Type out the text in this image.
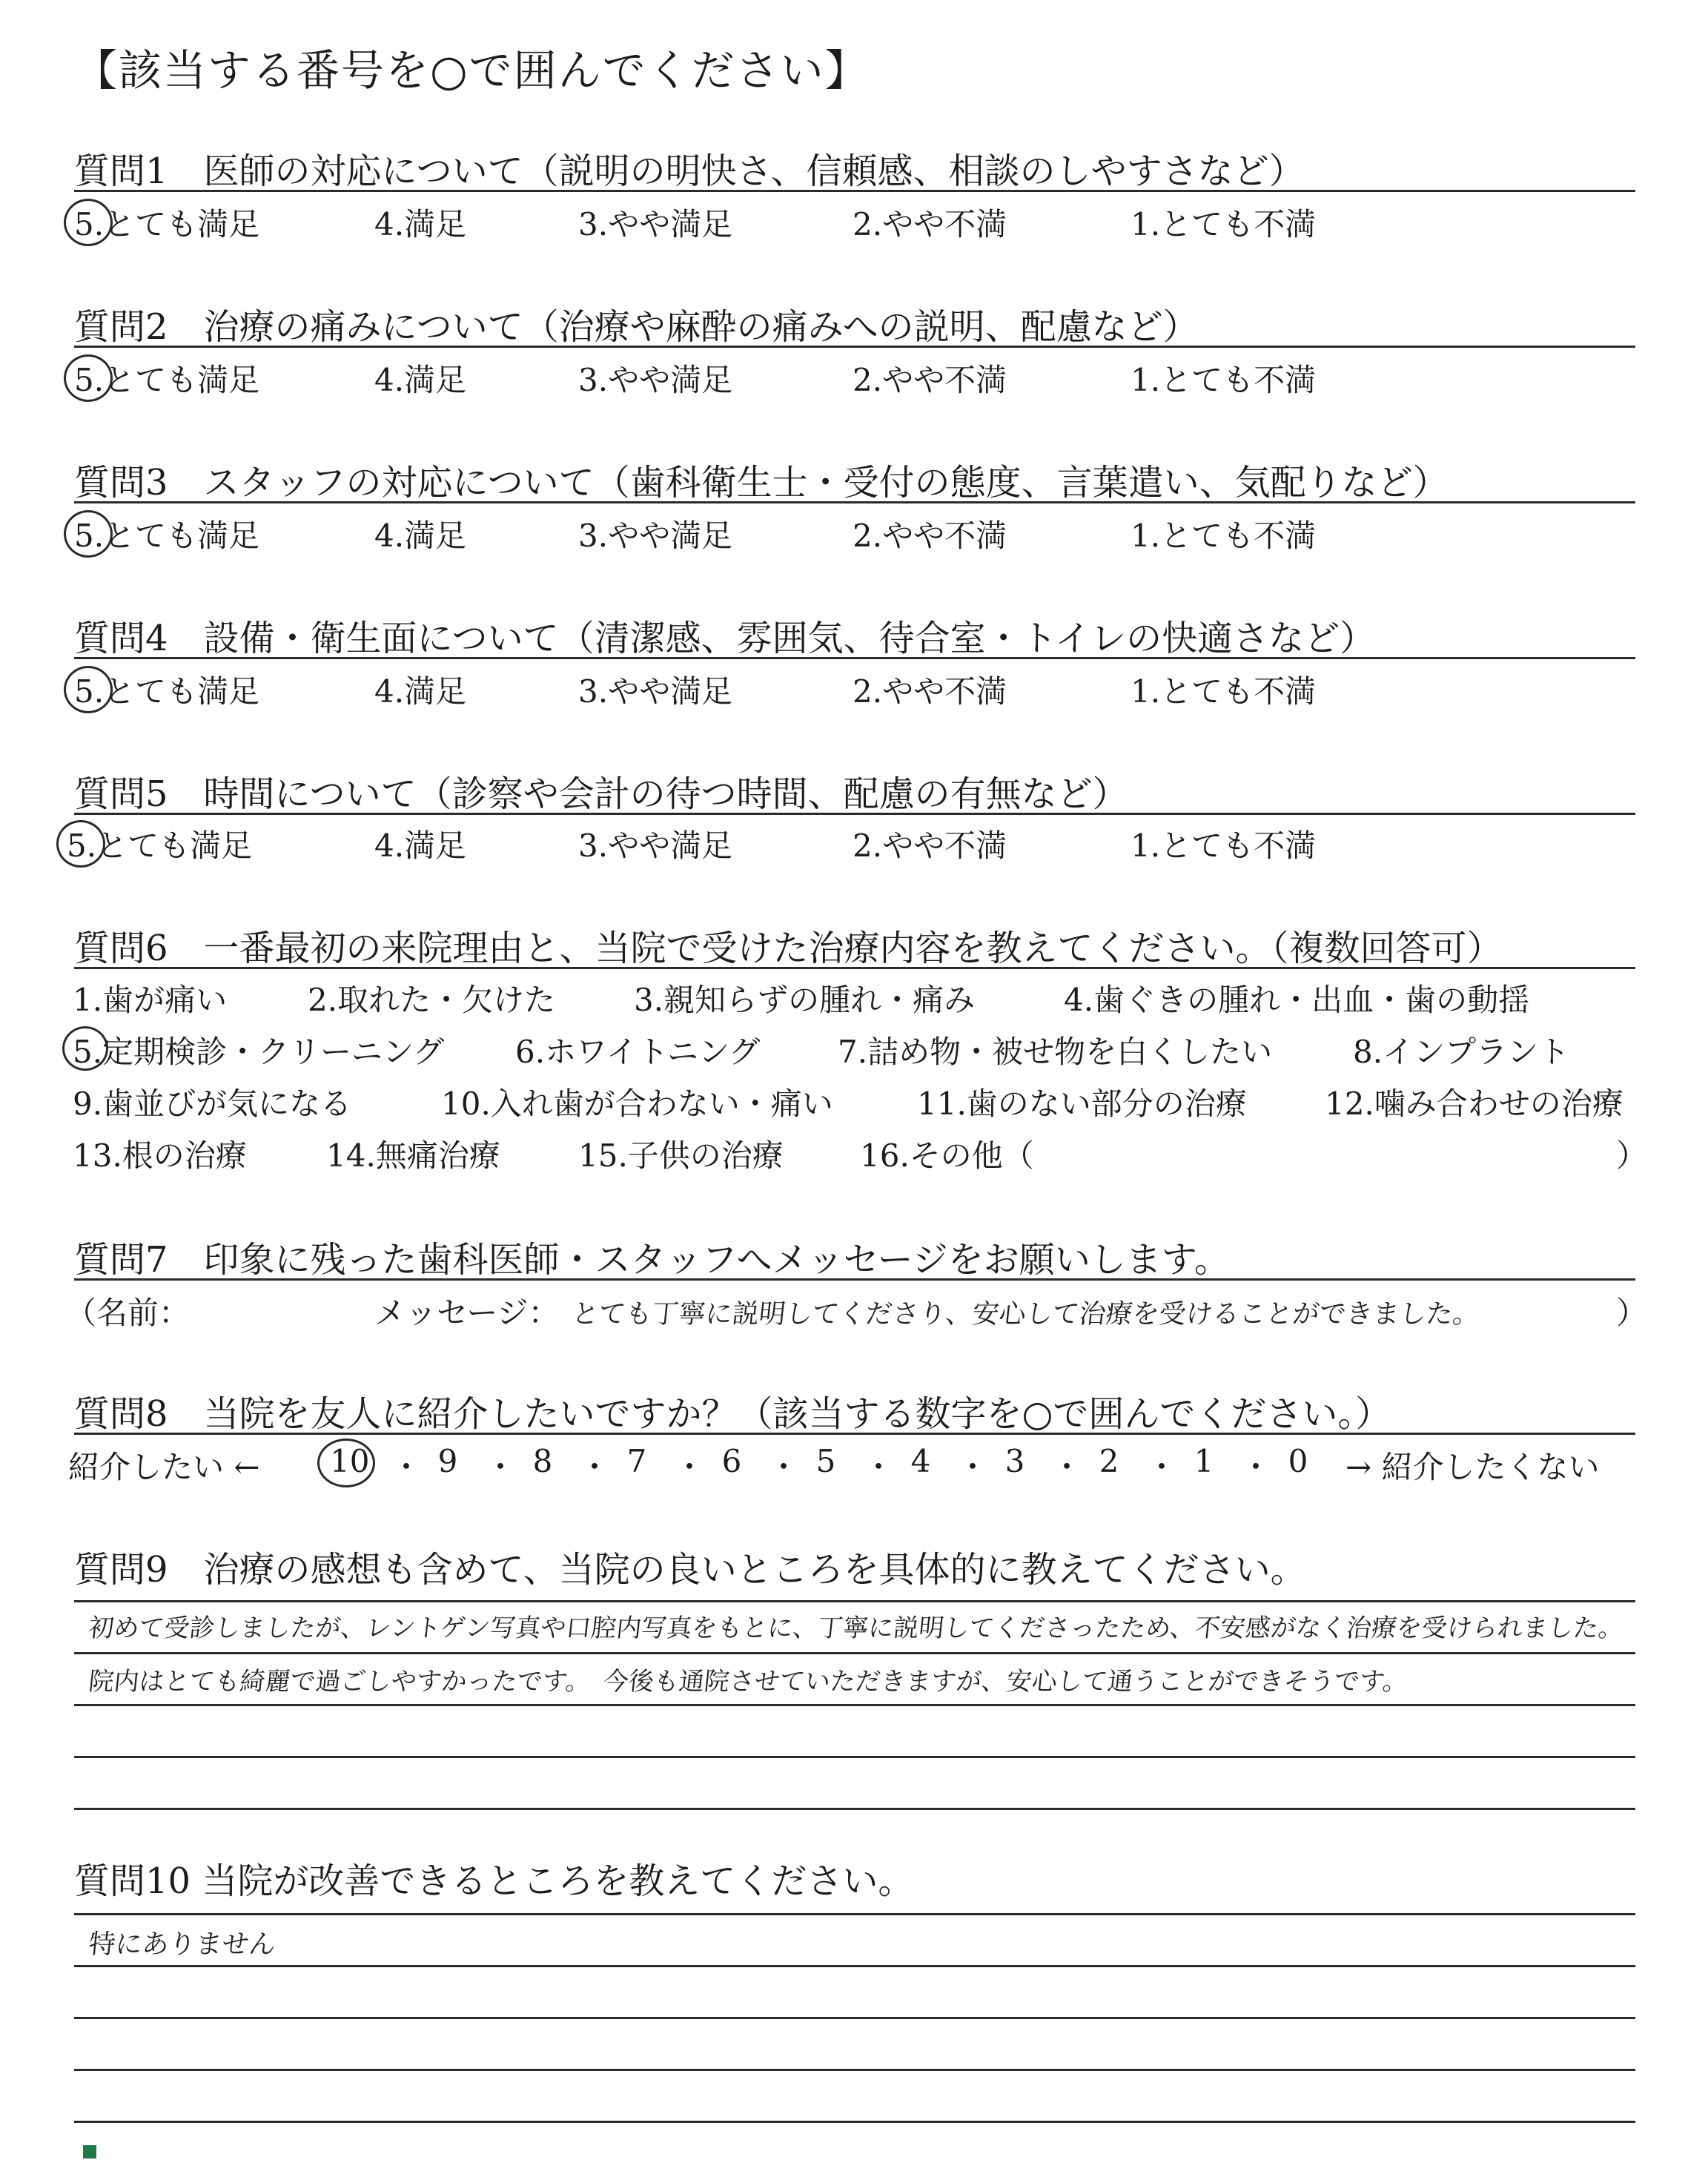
【該当する番号を○で囲んでください】
質問1　医師の対応について（説明の明快さ、信頼感、相談のしやすさなど）
5.とても満足	4.満足	3.やや満足	2.やや不満	1.とても不満
質問2　治療の痛みについて（治療や麻酔の痛みへの説明、配慮など）
5.とても満足	4.満足	3.やや満足	2.やや不満	1.とても不満
質問3　スタッフの対応について（歯科衛生士・受付の態度、言葉遣い、気配りなど）
5.とても満足	4.満足	3.やや満足	2.やや不満	1.とても不満
質問4　設備・衛生面について（清潔感、雰囲気、待合室・トイレの快適さなど）
5.とても満足	4.満足	3.やや満足	2.やや不満	1.とても不満
質問5　時間について（診察や会計の待つ時間、配慮の有無など）
5.とても満足	4.満足	3.やや満足	2.やや不満	1.とても不満
質問6　一番最初の来院理由と、当院で受けた治療内容を教えてください。（複数回答可）
1.歯が痛い	2.取れた・欠けた	3.親知らずの腫れ・痛み	4.歯ぐきの腫れ・出血・歯の動揺
5.定期検診・クリーニング 6.ホワイトニング 7.詰め物・被せ物を白くしたい	8.インプラント
9.歯並びが気になる	10.入れ歯が合わない・痛い	11.歯のない部分の治療	12.噛み合わせの治療
13.根の治療	14.無痛治療	15.子供の治療 16.その他（	）
質問7　印象に残った歯科医師・スタッフへメッセージをお願いします。
（名前：	メッセージ： とても丁寧に説明してくださり、安心して治療を受けることができました。	）
質問8　当院を友人に紹介したいですか？（該当する数字を○で囲んでください。）
紹介したい ← 10 ・ 9 ・ 8 ・ 7 ・ 6 ・ 5 ・ 4 ・ 3 ・ 2 ・ 1 ・ 0 → 紹介したくない
質問9　治療の感想も含めて、当院の良いところを具体的に教えてください。
初めて受診しましたが、レントゲン写真や口腔内写真をもとに、丁寧に説明してくださったため、不安感がなく治療を受けられました。
院内はとても綺麗で過ごしやすかったです。　今後も通院させていただきますが、安心して通うことができそうです。
質問10 当院が改善できるところを教えてください。
特にありません
